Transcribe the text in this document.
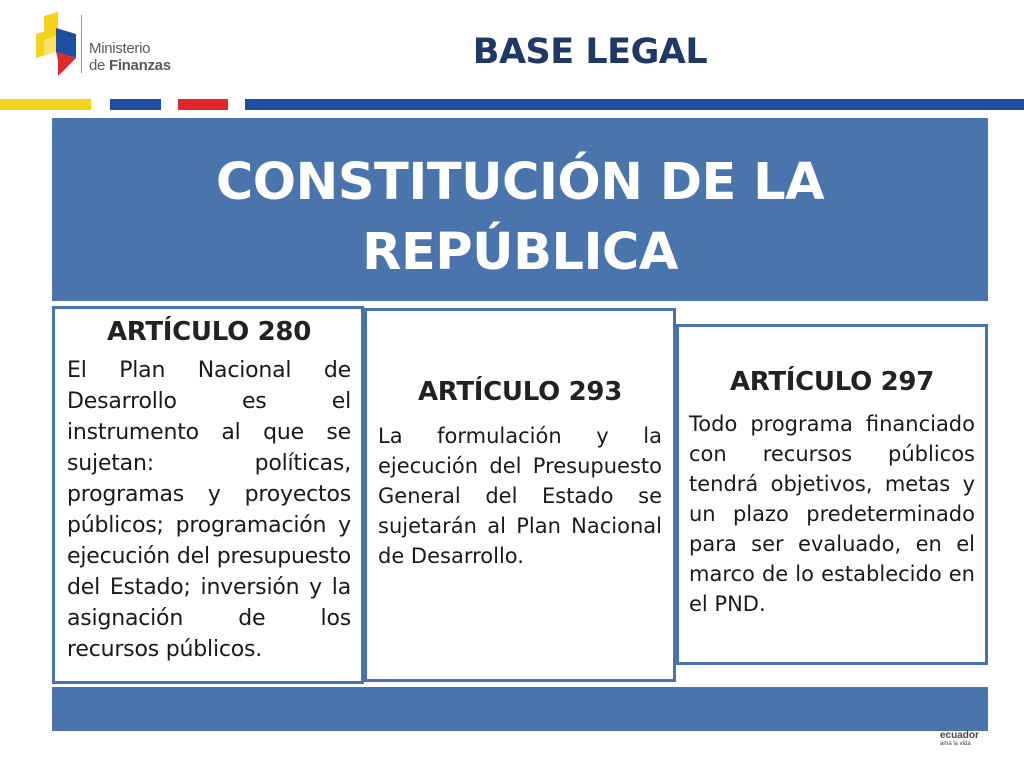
Ministerio
de Finanzas	BASE LEGAL
CONSTITUCIÓN DE LA
REPÚBLICA
ARTÍCULO 293

La formulación y la ejecución del Presupuesto General del Estado se sujetarán al Plan Nacional de Desarrollo.

ARTÍCULO 297

Todo programa financiado con recursos públicos tendrá objetivos, metas y un plazo predeterminado para ser evaluado, en el marco de lo establecido en el PND.

ARTÍCULO 280

El Plan Nacional de Desarrollo es el instrumento al que se sujetan: políticas, programas y proyectos públicos; programación y ejecución del presupuesto del Estado; inversión y la asignación de los recursos públicos.

ecuador
ama la vida
